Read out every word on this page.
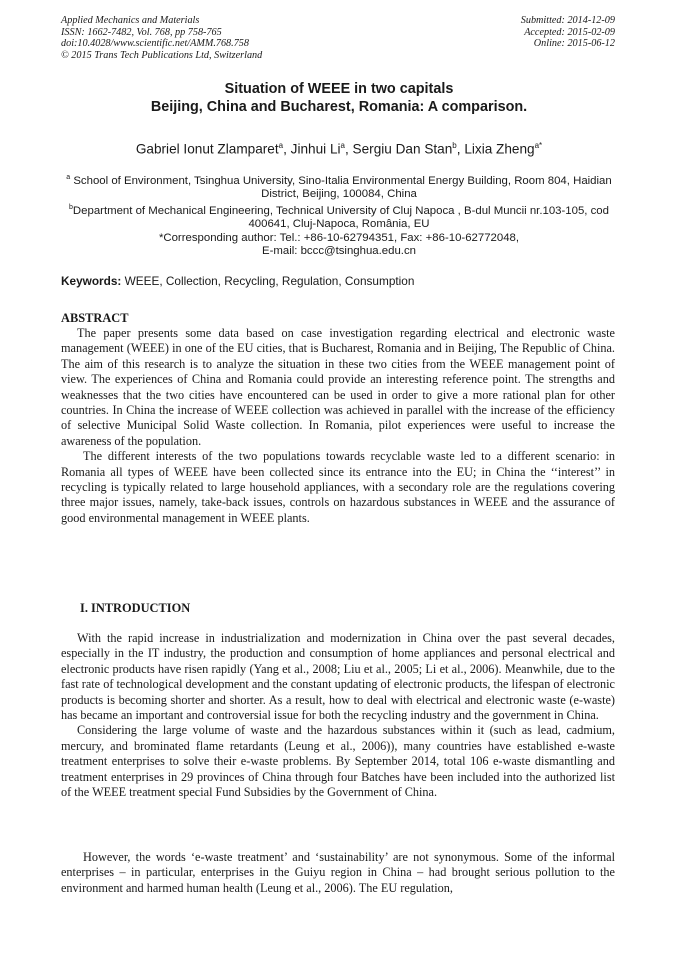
Applied Mechanics and Materials
ISSN: 1662-7482, Vol. 768, pp 758-765
doi:10.4028/www.scientific.net/AMM.768.758
© 2015 Trans Tech Publications Ltd, Switzerland
Submitted: 2014-12-09
Accepted: 2015-02-09
Online: 2015-06-12
Situation of WEEE in two capitals
Beijing, China and Bucharest, Romania: A comparison.
Gabriel Ionut Zlamparet$^a$, Jinhui Li$^a$, Sergiu Dan Stan$^b$, Lixia Zheng$^{a*}$
$^a$ School of Environment, Tsinghua University, Sino-Italia Environmental Energy Building, Room 804, Haidian District, Beijing, 100084, China
$^b$Department of Mechanical Engineering, Technical University of Cluj Napoca , B-dul Muncii nr.103-105, cod 400641, Cluj-Napoca, România, EU
*Corresponding author: Tel.: +86-10-62794351, Fax: +86-10-62772048,
E-mail: bccc@tsinghua.edu.cn
Keywords: WEEE, Collection, Recycling, Regulation, Consumption
ABSTRACT

The paper presents some data based on case investigation regarding electrical and electronic waste management (WEEE) in one of the EU cities, that is Bucharest, Romania and in Beijing, The Republic of China. The aim of this research is to analyze the situation in these two cities from the WEEE management point of view. The experiences of China and Romania could provide an interesting reference point. The strengths and weaknesses that the two cities have encountered can be used in order to give a more rational plan for other countries. In China the increase of WEEE collection was achieved in parallel with the increase of the efficiency of selective Municipal Solid Waste collection. In Romania, pilot experiences were useful to increase the awareness of the population.

The different interests of the two populations towards recyclable waste led to a different scenario: in Romania all types of WEEE have been collected since its entrance into the EU; in China the ‘‘interest’’ in recycling is typically related to large household appliances, with a secondary role are the regulations covering three major issues, namely, take-back issues, controls on hazardous substances in WEEE and the assurance of good environmental management in WEEE plants.

I. INTRODUCTION

With the rapid increase in industrialization and modernization in China over the past several decades, especially in the IT industry, the production and consumption of home appliances and personal electrical and electronic products have risen rapidly (Yang et al., 2008; Liu et al., 2005; Li et al., 2006). Meanwhile, due to the fast rate of technological development and the constant updating of electronic products, the lifespan of electronic products is becoming shorter and shorter. As a result, how to deal with electrical and electronic waste (e-waste) has became an important and controversial issue for both the recycling industry and the government in China.

Considering the large volume of waste and the hazardous substances within it (such as lead, cadmium, mercury, and brominated flame retardants (Leung et al., 2006)), many countries have established e-waste treatment enterprises to solve their e-waste problems. By September 2014, total 106 e-waste dismantling and treatment enterprises in 29 provinces of China through four Batches have been included into the authorized list of the WEEE treatment special Fund Subsidies by the Government of China.

However, the words ‘e-waste treatment’ and ‘sustainability’ are not synonymous. Some of the informal enterprises – in particular, enterprises in the Guiyu region in China – had brought serious pollution to the environment and harmed human health (Leung et al., 2006). The EU regulation,
